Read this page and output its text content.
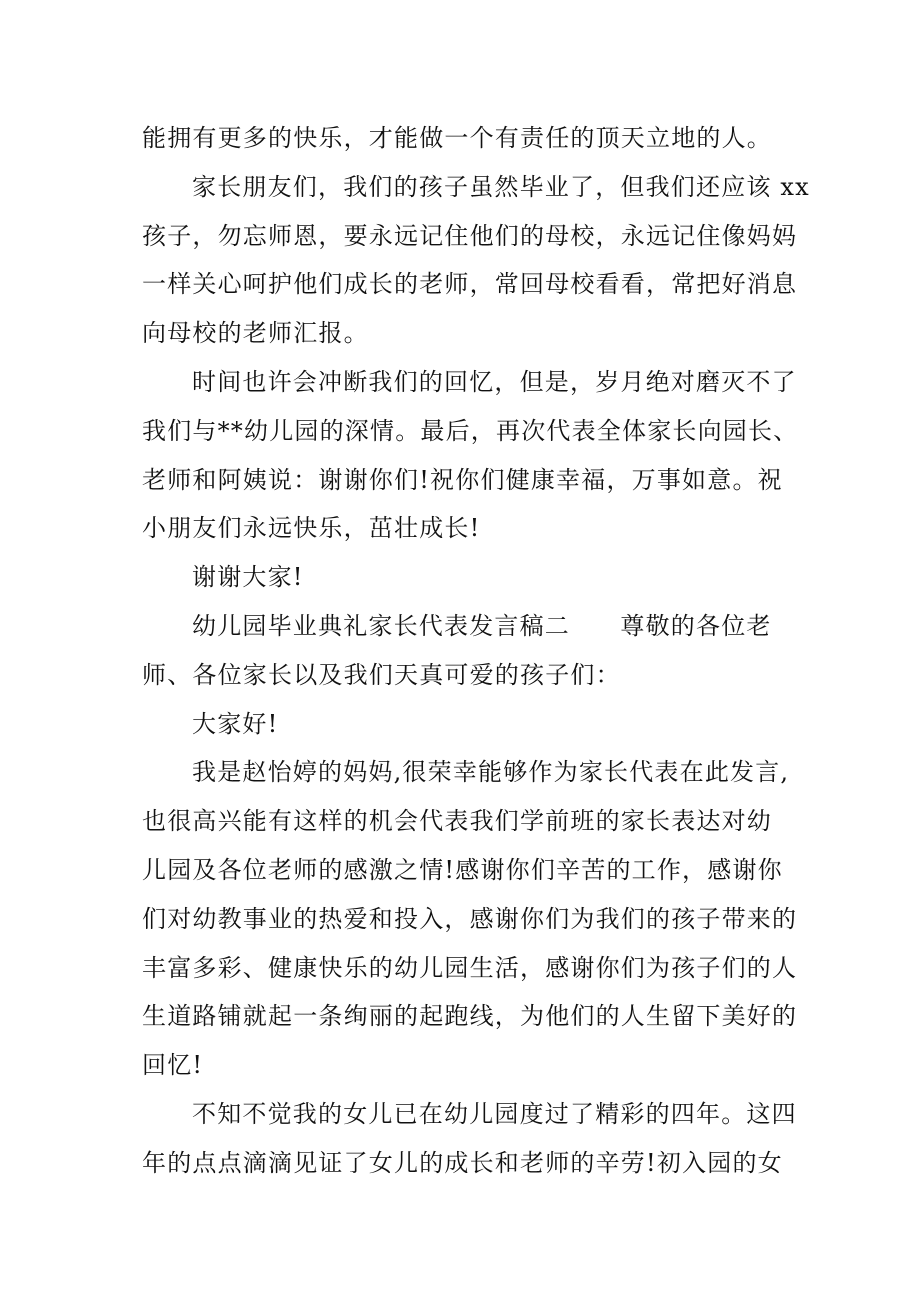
能拥有更多的快乐，才能做一个有责任的顶天立地的人。
家长朋友们，我们的孩子虽然毕业了，但我们还应该 xx
孩子，勿忘师恩，要永远记住他们的母校，永远记住像妈妈
一样关心呵护他们成长的老师，常回母校看看，常把好消息
向母校的老师汇报。
时间也许会冲断我们的回忆，但是，岁月绝对磨灭不了
我们与**幼儿园的深情。最后，再次代表全体家长向园长、
老师和阿姨说：谢谢你们!祝你们健康幸福，万事如意。祝
小朋友们永远快乐，茁壮成长!
谢谢大家!
幼儿园毕业典礼家长代表发言稿二　　尊敬的各位老
师、各位家长以及我们天真可爱的孩子们：
大家好!
我是赵怡婷的妈妈,很荣幸能够作为家长代表在此发言,
也很高兴能有这样的机会代表我们学前班的家长表达对幼
儿园及各位老师的感激之情!感谢你们辛苦的工作，感谢你
们对幼教事业的热爱和投入，感谢你们为我们的孩子带来的
丰富多彩、健康快乐的幼儿园生活，感谢你们为孩子们的人
生道路铺就起一条绚丽的起跑线，为他们的人生留下美好的
回忆!
不知不觉我的女儿已在幼儿园度过了精彩的四年。这四
年的点点滴滴见证了女儿的成长和老师的辛劳!初入园的女
